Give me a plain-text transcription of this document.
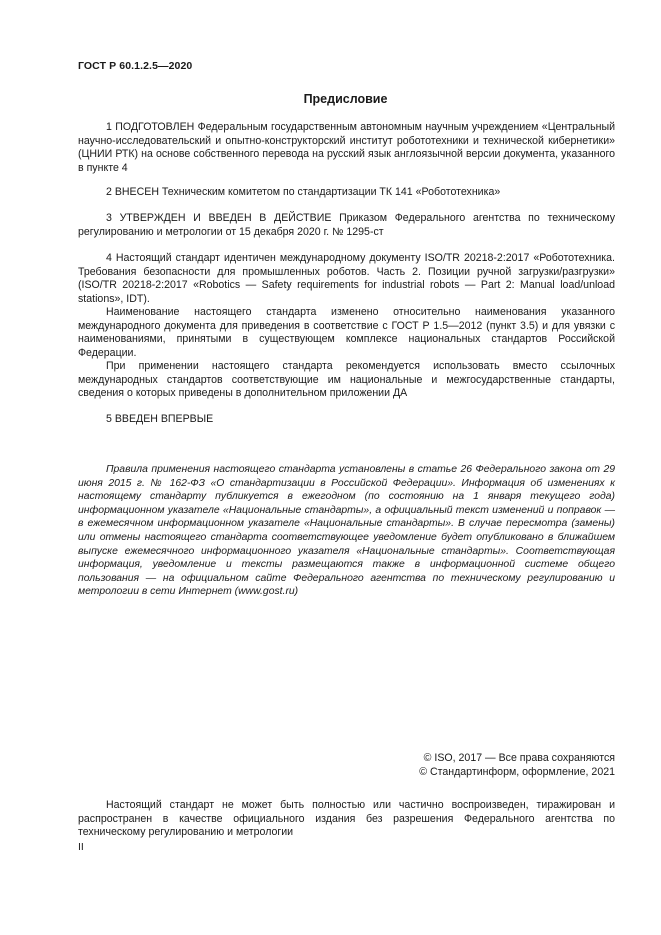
ГОСТ Р 60.1.2.5—2020
Предисловие

1 ПОДГОТОВЛЕН Федеральным государственным автономным научным учреждением «Центральный научно-исследовательский и опытно-конструкторский институт робототехники и технической кибернетики» (ЦНИИ РТК) на основе собственного перевода на русский язык англоязычной версии документа, указанного в пункте 4

2 ВНЕСЕН Техническим комитетом по стандартизации ТК 141 «Робототехника»

3 УТВЕРЖДЕН И ВВЕДЕН В ДЕЙСТВИЕ Приказом Федерального агентства по техническому регулированию и метрологии от 15 декабря 2020 г. № 1295-ст

4 Настоящий стандарт идентичен международному документу ISO/TR 20218-2:2017 «Робототехника. Требования безопасности для промышленных роботов. Часть 2. Позиции ручной загрузки/разгрузки» (ISO/TR 20218-2:2017 «Robotics — Safety requirements for industrial robots — Part 2: Manual load/unload stations», IDT).

Наименование настоящего стандарта изменено относительно наименования указанного международного документа для приведения в соответствие с ГОСТ Р 1.5—2012 (пункт 3.5) и для увязки с наименованиями, принятыми в существующем комплексе национальных стандартов Российской Федерации.

При применении настоящего стандарта рекомендуется использовать вместо ссылочных международных стандартов соответствующие им национальные и межгосударственные стандарты, сведения о которых приведены в дополнительном приложении ДА

5 ВВЕДЕН ВПЕРВЫЕ

Правила применения настоящего стандарта установлены в статье 26 Федерального закона от 29 июня 2015 г. № 162-ФЗ «О стандартизации в Российской Федерации». Информация об изменениях к настоящему стандарту публикуется в ежегодном (по состоянию на 1 января текущего года) информационном указателе «Национальные стандарты», а официальный текст изменений и поправок — в ежемесячном информационном указателе «Национальные стандарты». В случае пересмотра (замены) или отмены настоящего стандарта соответствующее уведомление будет опубликовано в ближайшем выпуске ежемесячного информационного указателя «Национальные стандарты». Соответствующая информация, уведомление и тексты размещаются также в информационной системе общего пользования — на официальном сайте Федерального агентства по техническому регулированию и метрологии в сети Интернет (www.gost.ru)

© ISO, 2017 — Все права сохраняются
© Стандартинформ, оформление, 2021

Настоящий стандарт не может быть полностью или частично воспроизведен, тиражирован и распространен в качестве официального издания без разрешения Федерального агентства по техническому регулированию и метрологии

II
